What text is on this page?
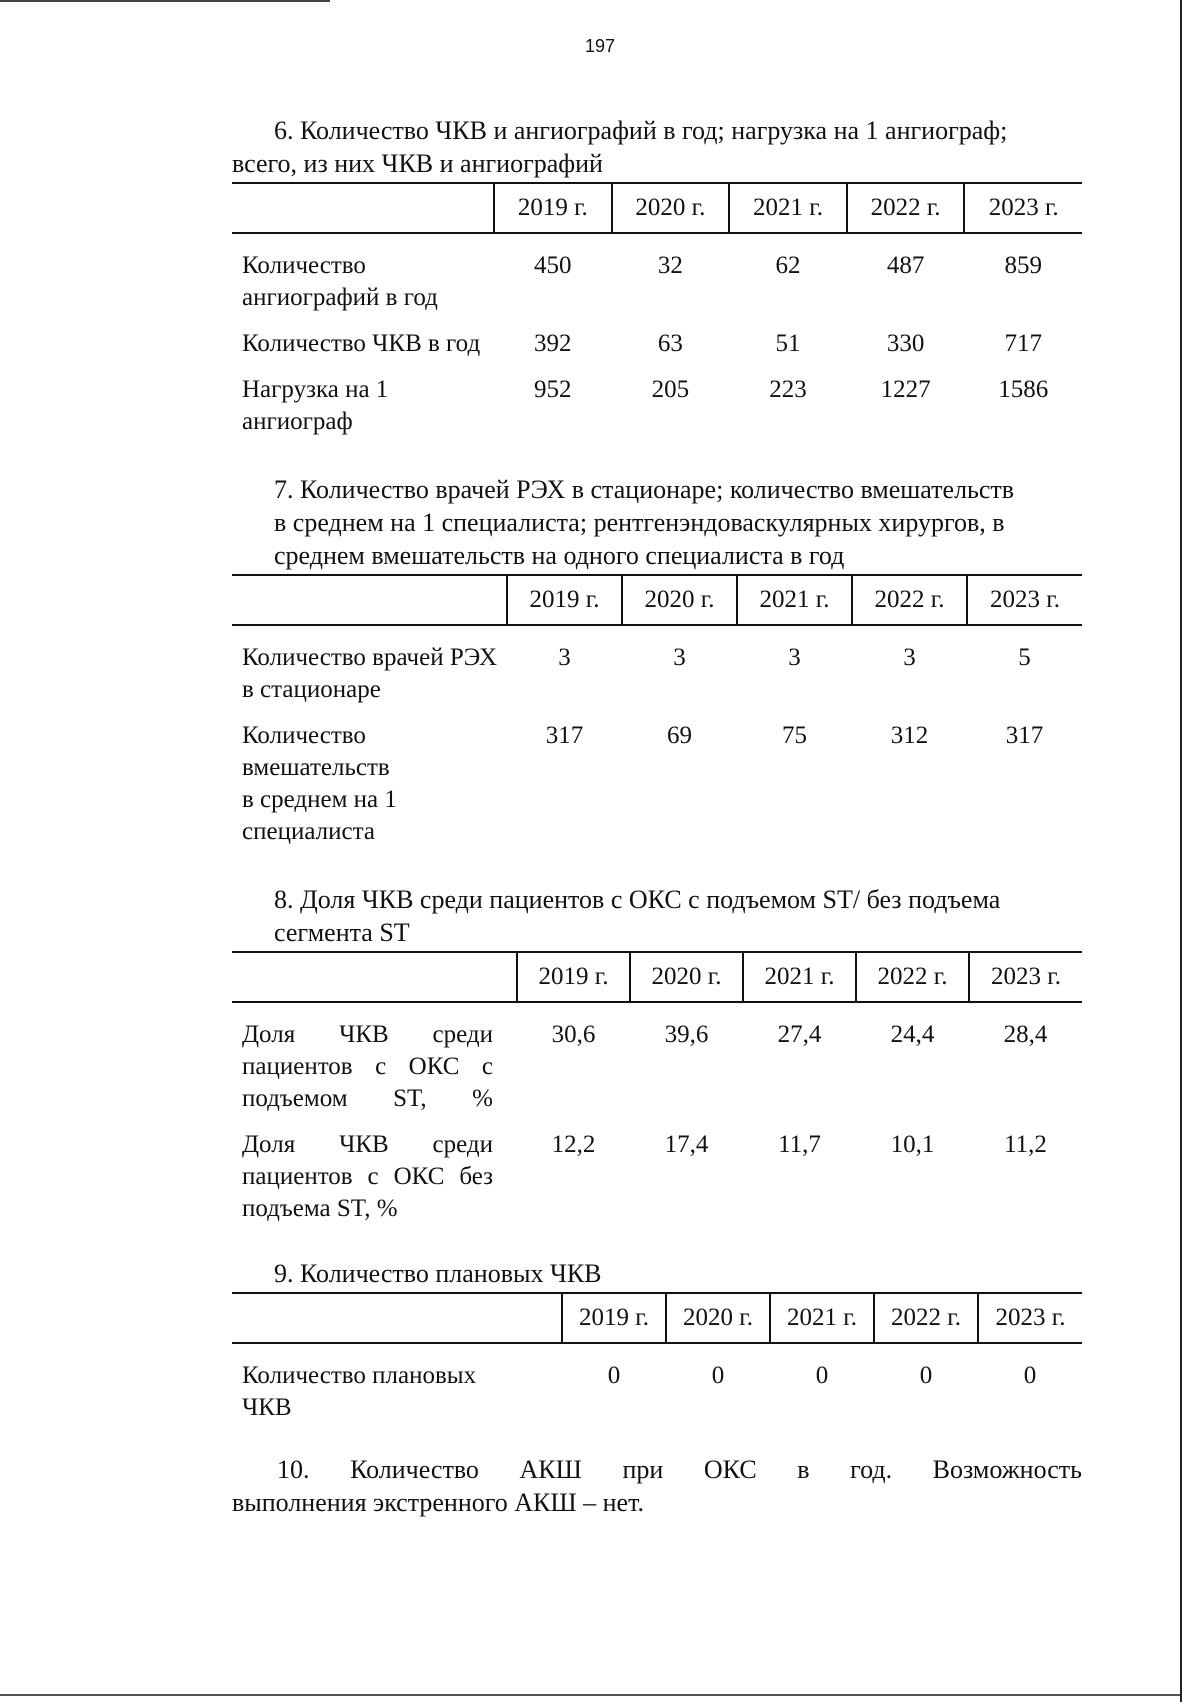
197

6. Количество ЧКВ и ангиографий в год; нагрузка на 1 ангиограф;
всего, из них ЧКВ и ангиографий

	2019 г.	2020 г.	2021 г.	2022 г.	2023 г.
Количество ангиографий в год	450	32	62	487	859
Количество ЧКВ в год	392	63	51	330	717
Нагрузка на 1 ангиограф	952	205	223	1227	1586

7. Количество врачей РЭХ в стационаре; количество вмешательств
в среднем на 1 специалиста; рентгенэндоваскулярных хирургов, в
среднем вмешательств на одного специалиста в год

	2019 г.	2020 г.	2021 г.	2022 г.	2023 г.
Количество врачей РЭХ в стационаре	3	3	3	3	5
Количество вмешательств в среднем на 1 специалиста	317	69	75	312	317

8. Доля ЧКВ среди пациентов с ОКС с подъемом ST/ без подъема
сегмента ST

	2019 г.	2020 г.	2021 г.	2022 г.	2023 г.
Доля ЧКВ среди пациентов с ОКС с подъемом ST, %	30,6	39,6	27,4	24,4	28,4
Доля ЧКВ среди пациентов с ОКС без подъема ST, %	12,2	17,4	11,7	10,1	11,2

9. Количество плановых ЧКВ

	2019 г.	2020 г.	2021 г.	2022 г.	2023 г.
Количество плановых ЧКВ	0	0	0	0	0
10. Количество АКШ при ОКС в год. Возможность
выполнения экстренного АКШ – нет.
